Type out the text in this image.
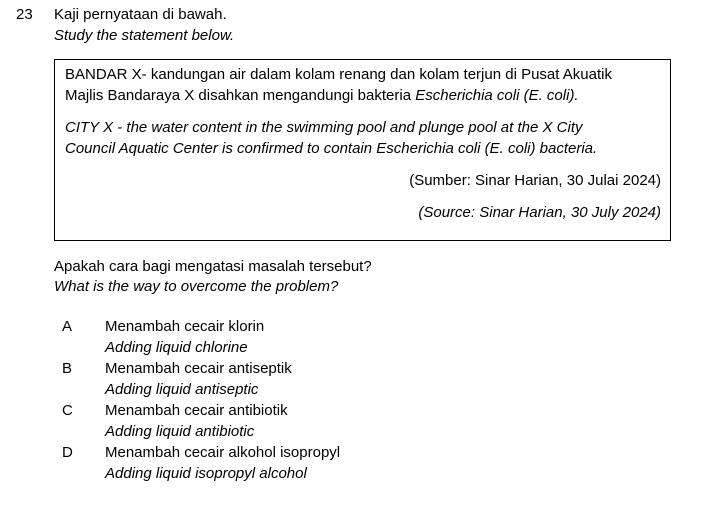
23 Kaji pernyataan di bawah.
Study the statement below.
BANDAR X- kandungan air dalam kolam renang dan kolam terjun di Pusat Akuatik
Majlis Bandaraya X disahkan mengandungi bakteria Escherichia coli (E. coli).
CITY X - the water content in the swimming pool and plunge pool at the X City
Council Aquatic Center is confirmed to contain Escherichia coli (E. coli) bacteria.
(Sumber: Sinar Harian, 30 Julai 2024)
(Source: Sinar Harian, 30 July 2024)
Apakah cara bagi mengatasi masalah tersebut?
What is the way to overcome the problem?
A	Menambah cecair klorin
Adding liquid chlorine
B	Menambah cecair antiseptik
Adding liquid antiseptic
C	Menambah cecair antibiotik
Adding liquid antibiotic
D	Menambah cecair alkohol isopropyl
Adding liquid isopropyl alcohol
